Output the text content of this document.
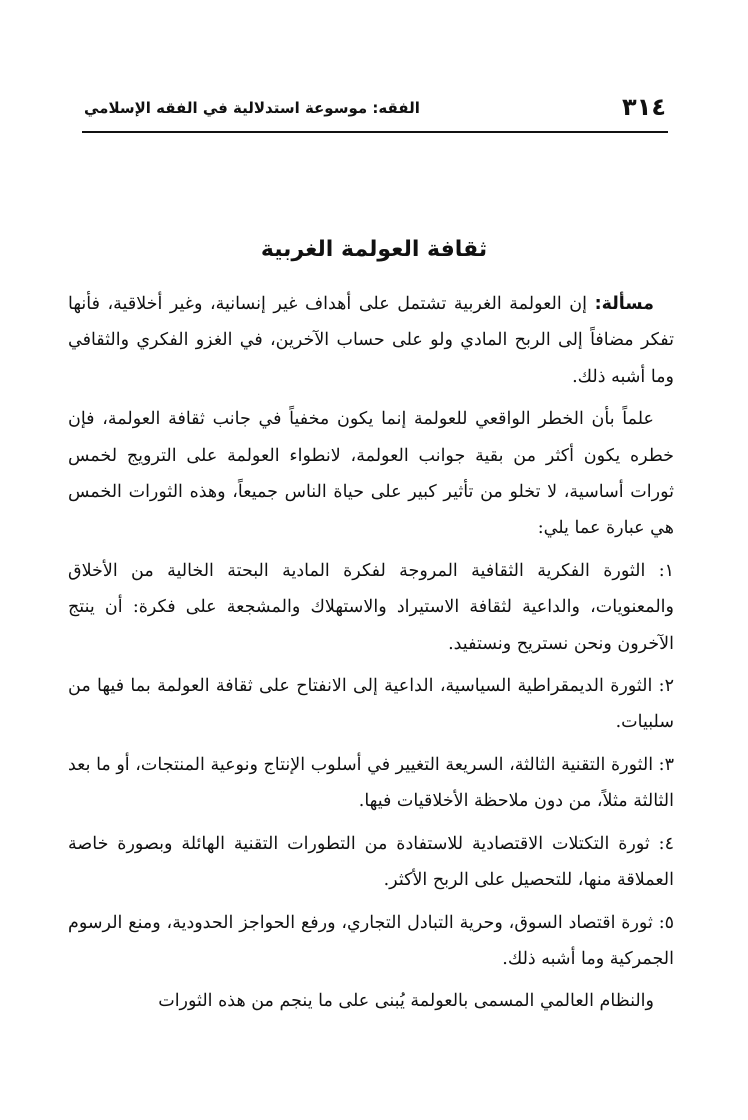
٣١٤
الفقه: موسوعة استدلالية في الفقه الإسلامي
ثقافة العولمة الغربية

مسألة: إن العولمة الغربية تشتمل على أهداف غير إنسانية، وغير أخلاقية، فأنها تفكر مضافاً إلى الربح المادي ولو على حساب الآخرين، في الغزو الفكري والثقافي وما أشبه ذلك.

علماً بأن الخطر الواقعي للعولمة إنما يكون مخفياً في جانب ثقافة العولمة، فإن خطره يكون أكثر من بقية جوانب العولمة، لانطواء العولمة على الترويج لخمس ثورات أساسية، لا تخلو من تأثير كبير على حياة الناس جميعاً، وهذه الثورات الخمس هي عبارة عما يلي:

١: الثورة الفكرية الثقافية المروجة لفكرة المادية البحتة الخالية من الأخلاق والمعنويات، والداعية لثقافة الاستيراد والاستهلاك والمشجعة على فكرة: أن ينتج الآخرون ونحن نستريح ونستفيد.

٢: الثورة الديمقراطية السياسية، الداعية إلى الانفتاح على ثقافة العولمة بما فيها من سلبيات.

٣: الثورة التقنية الثالثة، السريعة التغيير في أسلوب الإنتاج ونوعية المنتجات، أو ما بعد الثالثة مثلاً، من دون ملاحظة الأخلاقيات فيها.

٤: ثورة التكتلات الاقتصادية للاستفادة من التطورات التقنية الهائلة وبصورة خاصة العملاقة منها، للتحصيل على الربح الأكثر.

٥: ثورة اقتصاد السوق، وحرية التبادل التجاري، ورفع الحواجز الحدودية، ومنع الرسوم الجمركية وما أشبه ذلك.

والنظام العالمي المسمى بالعولمة يُبنى على ما ينجم من هذه الثورات
